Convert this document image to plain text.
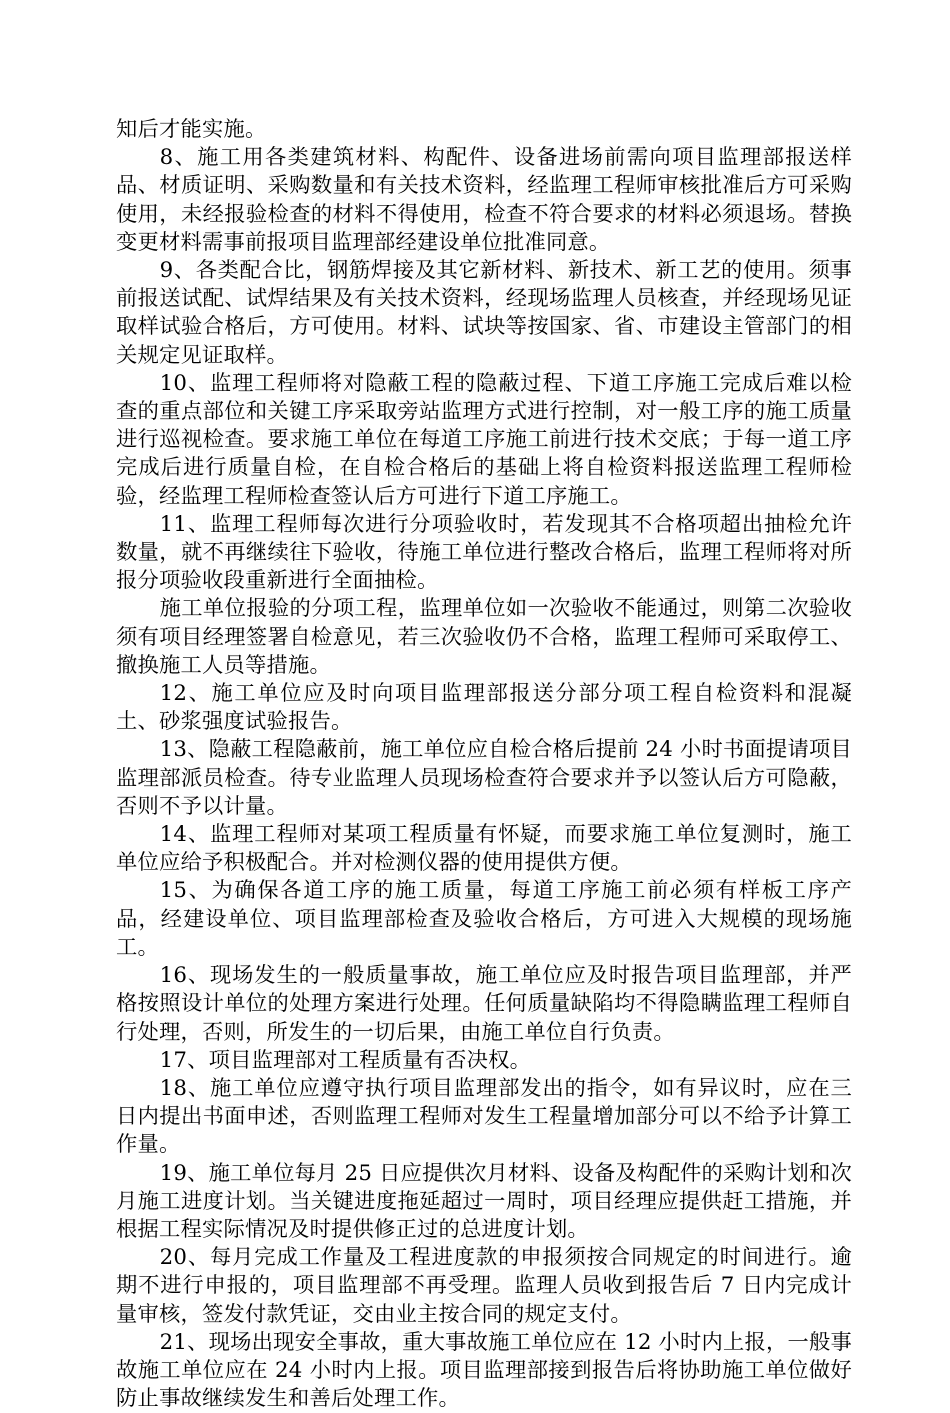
知后才能实施。

8、施工用各类建筑材料、构配件、设备进场前需向项目监理部报送样品、材质证明、采购数量和有关技术资料，经监理工程师审核批准后方可采购使用，未经报验检查的材料不得使用，检查不符合要求的材料必须退场。替换变更材料需事前报项目监理部经建设单位批准同意。

9、各类配合比，钢筋焊接及其它新材料、新技术、新工艺的使用。须事前报送试配、试焊结果及有关技术资料，经现场监理人员核查，并经现场见证取样试验合格后，方可使用。材料、试块等按国家、省、市建设主管部门的相关规定见证取样。

10、监理工程师将对隐蔽工程的隐蔽过程、下道工序施工完成后难以检查的重点部位和关键工序采取旁站监理方式进行控制，对一般工序的施工质量进行巡视检查。要求施工单位在每道工序施工前进行技术交底；于每一道工序完成后进行质量自检，在自检合格后的基础上将自检资料报送监理工程师检验，经监理工程师检查签认后方可进行下道工序施工。

11、监理工程师每次进行分项验收时，若发现其不合格项超出抽检允许数量，就不再继续往下验收，待施工单位进行整改合格后，监理工程师将对所报分项验收段重新进行全面抽检。

施工单位报验的分项工程，监理单位如一次验收不能通过，则第二次验收须有项目经理签署自检意见，若三次验收仍不合格，监理工程师可采取停工、撤换施工人员等措施。

12、施工单位应及时向项目监理部报送分部分项工程自检资料和混凝土、砂浆强度试验报告。

13、隐蔽工程隐蔽前，施工单位应自检合格后提前 24 小时书面提请项目监理部派员检查。待专业监理人员现场检查符合要求并予以签认后方可隐蔽，否则不予以计量。

14、监理工程师对某项工程质量有怀疑，而要求施工单位复测时，施工单位应给予积极配合。并对检测仪器的使用提供方便。

15、为确保各道工序的施工质量，每道工序施工前必须有样板工序产品，经建设单位、项目监理部检查及验收合格后，方可进入大规模的现场施工。

16、现场发生的一般质量事故，施工单位应及时报告项目监理部，并严格按照设计单位的处理方案进行处理。任何质量缺陷均不得隐瞒监理工程师自行处理，否则，所发生的一切后果，由施工单位自行负责。

17、项目监理部对工程质量有否决权。

18、施工单位应遵守执行项目监理部发出的指令，如有异议时，应在三日内提出书面申述，否则监理工程师对发生工程量增加部分可以不给予计算工作量。

19、施工单位每月 25 日应提供次月材料、设备及构配件的采购计划和次月施工进度计划。当关键进度拖延超过一周时，项目经理应提供赶工措施，并根据工程实际情况及时提供修正过的总进度计划。

20、每月完成工作量及工程进度款的申报须按合同规定的时间进行。逾期不进行申报的，项目监理部不再受理。监理人员收到报告后 7 日内完成计量审核，签发付款凭证，交由业主按合同的规定支付。

21、现场出现安全事故，重大事故施工单位应在 12 小时内上报，一般事故施工单位应在 24 小时内上报。项目监理部接到报告后将协助施工单位做好防止事故继续发生和善后处理工作。
